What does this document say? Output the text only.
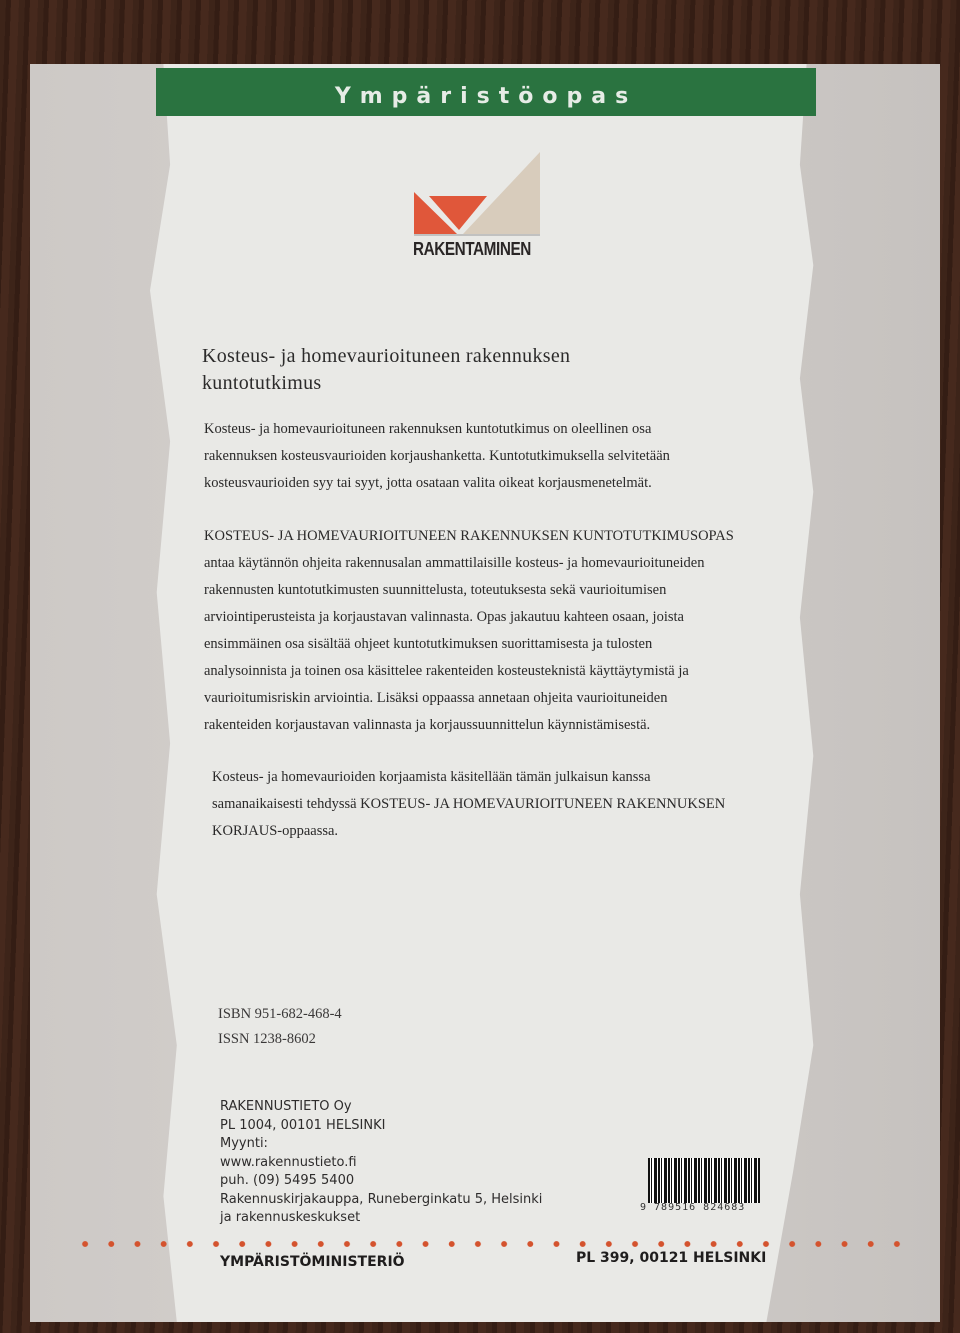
Ympäristöopas
RAKENTAMINEN
Kosteus- ja homevaurioituneen rakennuksen
kuntotutkimus
Kosteus- ja homevaurioituneen rakennuksen kuntotutkimus on oleellinen osa
rakennuksen kosteusvaurioiden korjaushanketta. Kuntotutkimuksella selvitetään
kosteusvaurioiden syy tai syyt, jotta osataan valita oikeat korjausmenetelmät.
KOSTEUS- JA HOMEVAURIOITUNEEN RAKENNUKSEN KUNTOTUTKIMUSOPAS
antaa käytännön ohjeita rakennusalan ammattilaisille kosteus- ja homevaurioituneiden
rakennusten kuntotutkimusten suunnittelusta, toteutuksesta sekä vaurioitumisen
arviointiperusteista ja korjaustavan valinnasta. Opas jakautuu kahteen osaan, joista
ensimmäinen osa sisältää ohjeet kuntotutkimuksen suorittamisesta ja tulosten
analysoinnista ja toinen osa käsittelee rakenteiden kosteusteknistä käyttäytymistä ja
vaurioitumisriskin arviointia. Lisäksi oppaassa annetaan ohjeita vaurioituneiden
rakenteiden korjaustavan valinnasta ja korjaussuunnittelun käynnistämisestä.
Kosteus- ja homevaurioiden korjaamista käsitellään tämän julkaisun kanssa
samanaikaisesti tehdyssä KOSTEUS- JA HOMEVAURIOITUNEEN RAKENNUKSEN
KORJAUS-oppaassa.
ISBN 951-682-468-4
ISSN 1238-8602
RAKENNUSTIETO Oy
PL 1004, 00101 HELSINKI
Myynti:
www.rakennustieto.fi
puh. (09) 5495 5400
Rakennuskirjakauppa, Runeberginkatu 5, Helsinki
ja rakennuskeskukset
9 789516 824683
YMPÄRISTÖMINISTERIÖ	PL 399, 00121 HELSINKI
